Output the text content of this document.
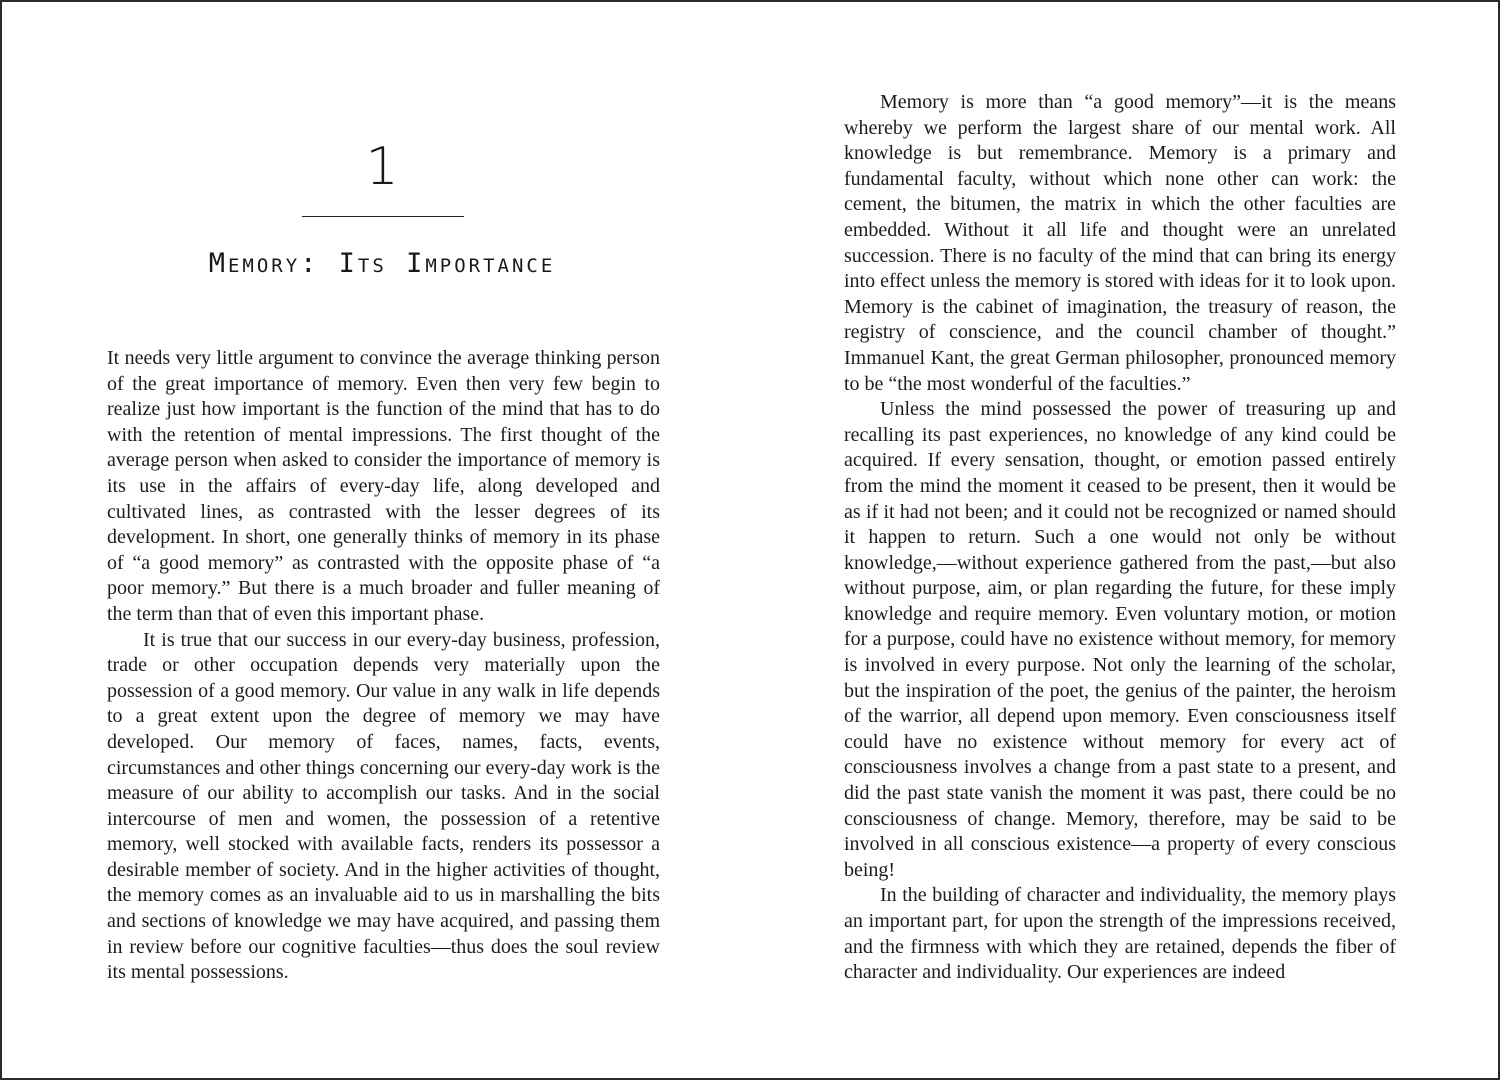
1
Memory: Its Importance

It needs very little argument to convince the average thinking person of the great importance of memory. Even then very few begin to realize just how important is the function of the mind that has to do with the retention of mental impressions. The first thought of the average person when asked to consider the importance of memory is its use in the affairs of every-day life, along developed and cultivated lines, as contrasted with the lesser degrees of its development. In short, one generally thinks of memory in its phase of “a good memory” as contrasted with the opposite phase of “a poor memory.” But there is a much broader and fuller meaning of the term than that of even this important phase.

It is true that our success in our every-day business, profession, trade or other occupation depends very materially upon the possession of a good memory. Our value in any walk in life depends to a great extent upon the degree of memory we may have developed. Our memory of faces, names, facts, events, circumstances and other things concerning our every-day work is the measure of our ability to accomplish our tasks. And in the social intercourse of men and women, the possession of a retentive memory, well stocked with available facts, renders its possessor a desirable member of society. And in the higher activities of thought, the memory comes as an invaluable aid to us in marshalling the bits and sections of knowledge we may have acquired, and passing them in review before our cognitive faculties—thus does the soul review its mental possessions.

Memory is more than “a good memory”—it is the means whereby we perform the largest share of our mental work. All knowledge is but remembrance. Memory is a primary and fundamental faculty, without which none other can work: the cement, the bitumen, the matrix in which the other faculties are embedded. Without it all life and thought were an unrelated succession. There is no faculty of the mind that can bring its energy into effect unless the memory is stored with ideas for it to look upon. Memory is the cabinet of imagination, the treasury of reason, the registry of conscience, and the council chamber of thought.” Immanuel Kant, the great German philosopher, pronounced memory to be “the most wonderful of the faculties.”

Unless the mind possessed the power of treasuring up and recalling its past experiences, no knowledge of any kind could be acquired. If every sensation, thought, or emotion passed entirely from the mind the moment it ceased to be present, then it would be as if it had not been; and it could not be recognized or named should it happen to return. Such a one would not only be without knowledge,—without experience gathered from the past,—but also without purpose, aim, or plan regarding the future, for these imply knowledge and require memory. Even voluntary motion, or motion for a purpose, could have no existence without memory, for memory is involved in every purpose. Not only the learning of the scholar, but the inspiration of the poet, the genius of the painter, the heroism of the warrior, all depend upon memory. Even consciousness itself could have no existence without memory for every act of consciousness involves a change from a past state to a present, and did the past state vanish the moment it was past, there could be no consciousness of change. Memory, therefore, may be said to be involved in all conscious existence—a property of every conscious being!

In the building of character and individuality, the memory plays an important part, for upon the strength of the impressions received, and the firmness with which they are retained, depends the fiber of character and individuality. Our experiences are indeed
